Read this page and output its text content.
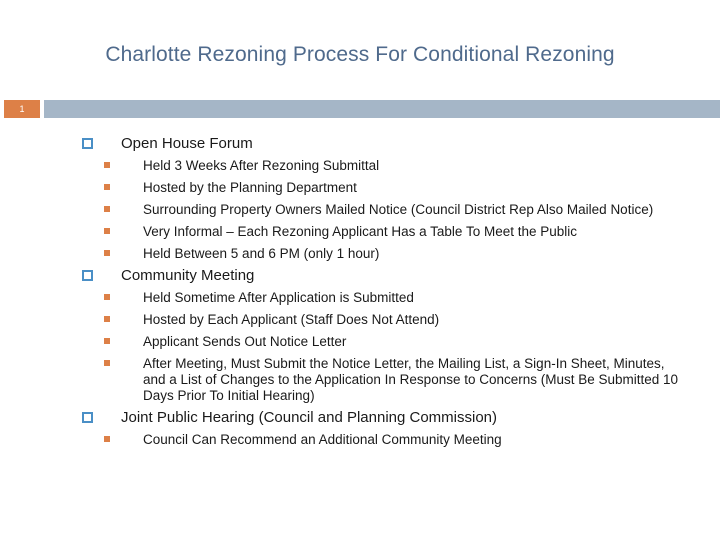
Charlotte Rezoning Process For Conditional Rezoning
1
Open House Forum
Held 3 Weeks After Rezoning Submittal
Hosted by the Planning Department
Surrounding Property Owners Mailed Notice (Council District Rep Also Mailed Notice)
Very Informal – Each Rezoning Applicant Has a Table To Meet the Public
Held Between 5 and 6 PM (only 1 hour)
Community Meeting
Held Sometime After Application is Submitted
Hosted by Each Applicant (Staff Does Not Attend)
Applicant Sends Out Notice Letter
After Meeting, Must Submit the Notice Letter, the Mailing List, a Sign-In Sheet, Minutes, and a List of Changes to the Application In Response to Concerns (Must Be Submitted 10 Days Prior To Initial Hearing)
Joint Public Hearing (Council and Planning Commission)
Council Can Recommend an Additional Community Meeting
